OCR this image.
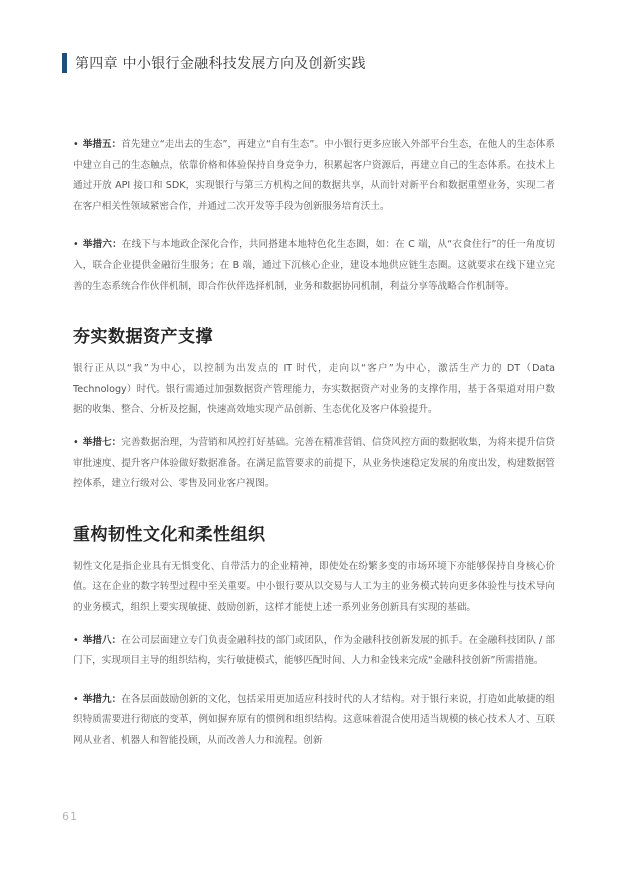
第四章 中小银行金融科技发展方向及创新实践

• 举措五：首先建立“走出去的生态”，再建立“自有生态”。中小银行更多应嵌入外部平台生态，在他人的生态体系中建立自己的生态触点，依靠价格和体验保持自身竞争力，积累起客户资源后，再建立自己的生态体系。在技术上通过开放 API 接口和 SDK，实现银行与第三方机构之间的数据共享，从而针对新平台和数据重塑业务，实现二者在客户相关性领域紧密合作，并通过二次开发等手段为创新服务培育沃土。

• 举措六：在线下与本地政企深化合作，共同搭建本地特色化生态圈，如：在 C 端，从“衣食住行”的任一角度切入，联合企业提供金融衍生服务；在 B 端，通过下沉核心企业，建设本地供应链生态圈。这就要求在线下建立完善的生态系统合作伙伴机制，即合作伙伴选择机制，业务和数据协同机制，利益分享等战略合作机制等。

夯实数据资产支撑

银行正从以“我”为中心，以控制为出发点的 IT 时代，走向以“客户”为中心，激活生产力的 DT（Data Technology）时代。银行需通过加强数据资产管理能力，夯实数据资产对业务的支撑作用，基于各渠道对用户数据的收集、整合、分析及挖掘，快速高效地实现产品创新、生态优化及客户体验提升。

• 举措七：完善数据治理，为营销和风控打好基础。完善在精准营销、信贷风控方面的数据收集，为将来提升信贷审批速度、提升客户体验做好数据准备。在满足监管要求的前提下，从业务快速稳定发展的角度出发，构建数据管控体系，建立行级对公、零售及同业客户视图。

重构韧性文化和柔性组织

韧性文化是指企业具有无惧变化、自带活力的企业精神，即使处在纷繁多变的市场环境下亦能够保持自身核心价值。这在企业的数字转型过程中至关重要。中小银行要从以交易与人工为主的业务模式转向更多体验性与技术导向的业务模式，组织上要实现敏捷、鼓励创新，这样才能使上述一系列业务创新具有实现的基础。

• 举措八：在公司层面建立专门负责金融科技的部门或团队，作为金融科技创新发展的抓手。在金融科技团队 / 部门下，实现项目主导的组织结构，实行敏捷模式，能够匹配时间、人力和金钱来完成“金融科技创新”所需措施。

• 举措九：在各层面鼓励创新的文化，包括采用更加适应科技时代的人才结构。对于银行来说，打造如此敏捷的组织特质需要进行彻底的变革，例如摒弃原有的惯例和组织结构。这意味着混合使用适当规模的核心技术人才、互联网从业者、机器人和智能投顾，从而改善人力和流程。创新

61
